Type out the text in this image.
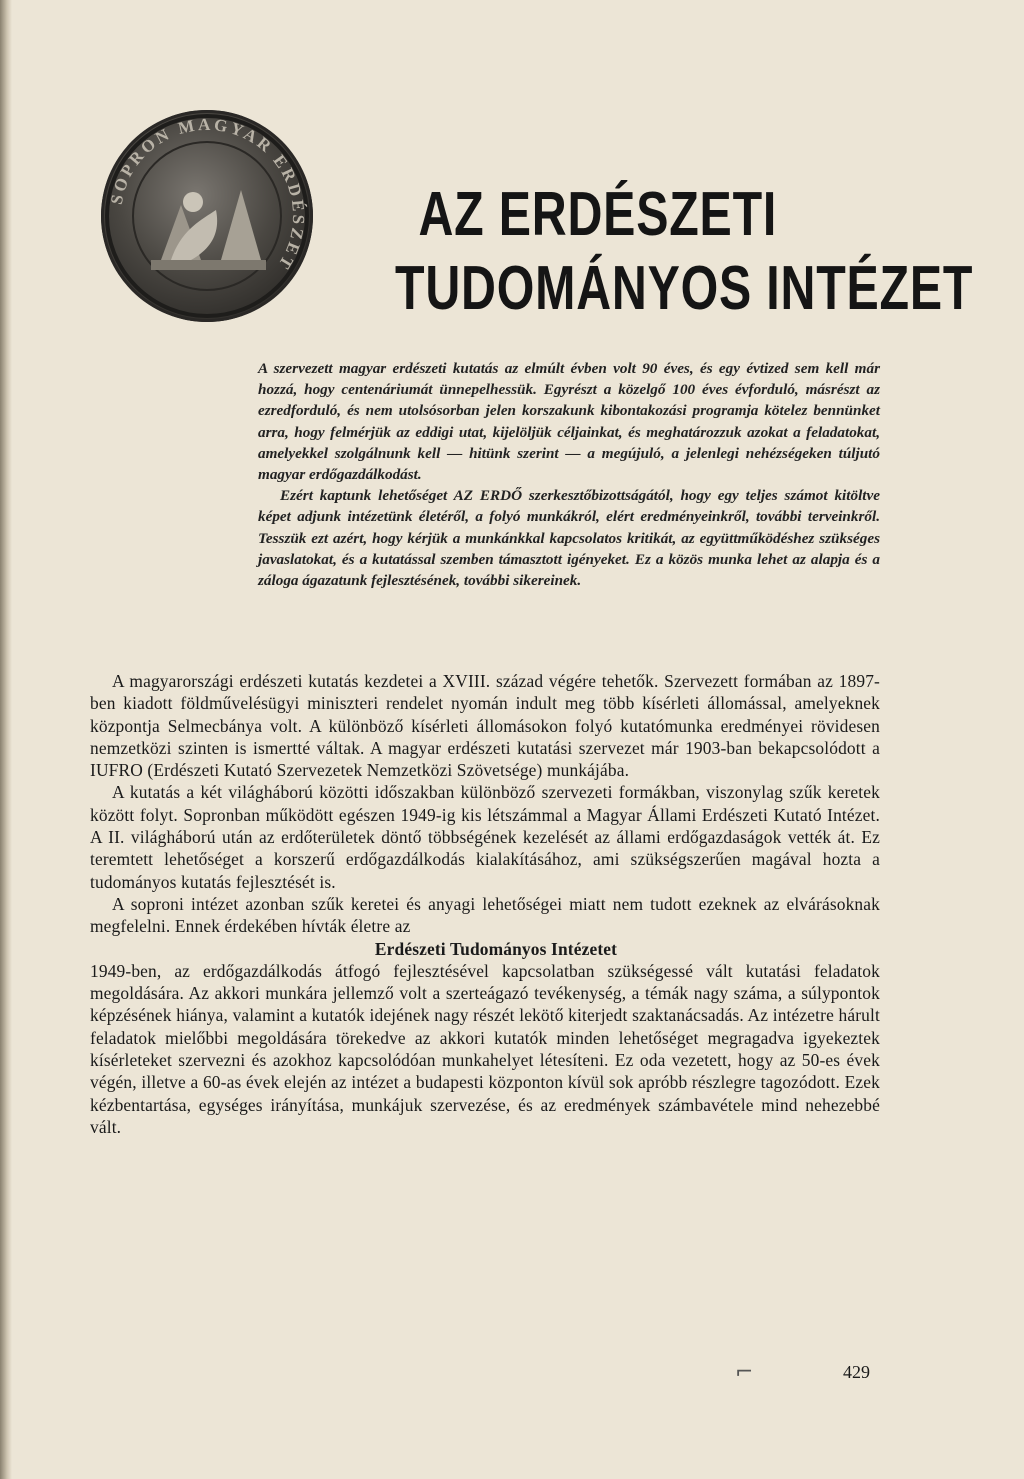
SOPRON MAGYAR ERDÉSZET
AZ ERDÉSZETI
TUDOMÁNYOS INTÉZET

A szervezett magyar erdészeti kutatás az elmúlt évben volt 90 éves, és egy évtized sem kell már hozzá, hogy centenáriumát ünnepelhessük. Egyrészt a közelgő 100 éves évforduló, másrészt az ezredforduló, és nem utolsósorban jelen korszakunk kibontakozási programja kötelez bennünket arra, hogy felmérjük az eddigi utat, kijelöljük céljainkat, és meghatározzuk azokat a feladatokat, amelyekkel szolgálnunk kell — hitünk szerint — a megújuló, a jelenlegi nehézségeken túljutó magyar erdőgazdálkodást.

Ezért kaptunk lehetőséget AZ ERDŐ szerkesztőbizottságától, hogy egy teljes számot kitöltve képet adjunk intézetünk életéről, a folyó munkákról, elért eredményeinkről, további terveinkről. Tesszük ezt azért, hogy kérjük a munkánkkal kapcsolatos kritikát, az együttműködéshez szükséges javaslatokat, és a kutatással szemben támasztott igényeket. Ez a közös munka lehet az alapja és a záloga ágazatunk fejlesztésének, további sikereinek.

A magyarországi erdészeti kutatás kezdetei a XVIII. század végére tehetők. Szervezett formában az 1897-ben kiadott földművelésügyi miniszteri rendelet nyomán indult meg több kísérleti állomással, amelyeknek központja Selmecbánya volt. A különböző kísérleti állomásokon folyó kutatómunka eredményei rövidesen nemzetközi szinten is ismertté váltak. A magyar erdészeti kutatási szervezet már 1903-ban bekapcsolódott a IUFRO (Erdészeti Kutató Szervezetek Nemzetközi Szövetsége) munkájába.

A kutatás a két világháború közötti időszakban különböző szervezeti formákban, viszonylag szűk keretek között folyt. Sopronban működött egészen 1949-ig kis létszámmal a Magyar Állami Erdészeti Kutató Intézet. A II. világháború után az erdőterületek döntő többségének kezelését az állami erdőgazdaságok vették át. Ez teremtett lehetőséget a korszerű erdőgazdálkodás kialakításához, ami szükségszerűen magával hozta a tudományos kutatás fejlesztését is.

A soproni intézet azonban szűk keretei és anyagi lehetőségei miatt nem tudott ezeknek az elvárásoknak megfelelni. Ennek érdekében hívták életre az

Erdészeti Tudományos Intézetet

1949-ben, az erdőgazdálkodás átfogó fejlesztésével kapcsolatban szükségessé vált kutatási feladatok megoldására. Az akkori munkára jellemző volt a szerteágazó tevékenység, a témák nagy száma, a súlypontok képzésének hiánya, valamint a kutatók idejének nagy részét lekötő kiterjedt szaktanácsadás. Az intézetre hárult feladatok mielőbbi megoldására törekedve az akkori kutatók minden lehetőséget megragadva igyekeztek kísérleteket szervezni és azokhoz kapcsolódóan munkahelyet létesíteni. Ez oda vezetett, hogy az 50-es évek végén, illetve a 60-as évek elején az intézet a budapesti központon kívül sok apróbb részlegre tagozódott. Ezek kézbentartása, egységes irányítása, munkájuk szervezése, és az eredmények számbavétele mind nehezebbé vált.

⌐	429
